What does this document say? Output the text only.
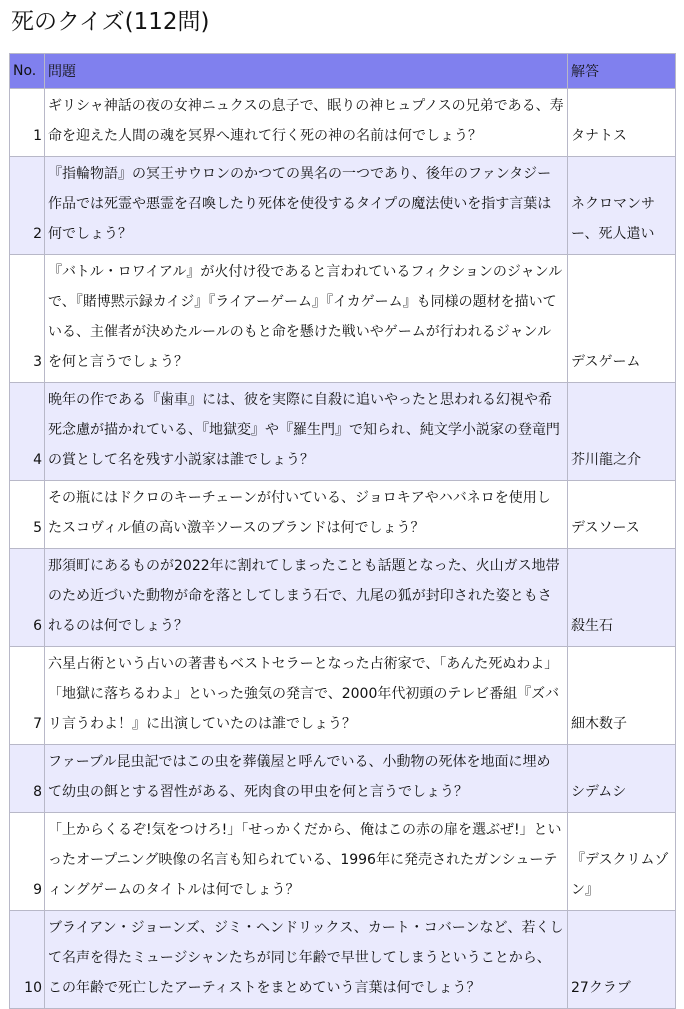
死のクイズ(112問)
No.	問題	解答
1	ギリシャ神話の夜の女神ニュクスの息子で、眠りの神ヒュプノスの兄弟である、寿命を迎えた人間の魂を冥界へ連れて行く死の神の名前は何でしょう？	タナトス
2	『指輪物語』の冥王サウロンのかつての異名の一つであり、後年のファンタジー作品では死霊や悪霊を召喚したり死体を使役するタイプの魔法使いを指す言葉は何でしょう？	ネクロマンサー、死人遣い
3	『バトル・ロワイアル』が火付け役であると言われているフィクションのジャンルで、『賭博黙示録カイジ』『ライアーゲーム』『イカゲーム』も同様の題材を描いている、主催者が決めたルールのもと命を懸けた戦いやゲームが行われるジャンルを何と言うでしょう？	デスゲーム
4	晩年の作である『歯車』には、彼を実際に自殺に追いやったと思われる幻視や希死念慮が描かれている、『地獄変』や『羅生門』で知られ、純文学小説家の登竜門の賞として名を残す小説家は誰でしょう？	芥川龍之介
5	その瓶にはドクロのキーチェーンが付いている、ジョロキアやハバネロを使用したスコヴィル値の高い激辛ソースのブランドは何でしょう？	デスソース
6	那須町にあるものが2022年に割れてしまったことも話題となった、火山ガス地帯のため近づいた動物が命を落としてしまう石で、九尾の狐が封印された姿ともされるのは何でしょう？	殺生石
7	六星占術という占いの著書もベストセラーとなった占術家で、「あんた死ぬわよ」「地獄に落ちるわよ」といった強気の発言で、2000年代初頭のテレビ番組『ズバリ言うわよ！』に出演していたのは誰でしょう？	細木数子
8	ファーブル昆虫記ではこの虫を葬儀屋と呼んでいる、小動物の死体を地面に埋めて幼虫の餌とする習性がある、死肉食の甲虫を何と言うでしょう？	シデムシ
9	「上からくるぞ!気をつけろ!」「せっかくだから、俺はこの赤の扉を選ぶぜ!」といったオープニング映像の名言も知られている、1996年に発売されたガンシューティングゲームのタイトルは何でしょう？	『デスクリムゾン』
10	ブライアン・ジョーンズ、ジミ・ヘンドリックス、カート・コバーンなど、若くして名声を得たミュージシャンたちが同じ年齢で早世してしまうということから、この年齢で死亡したアーティストをまとめていう言葉は何でしょう？	27クラブ
